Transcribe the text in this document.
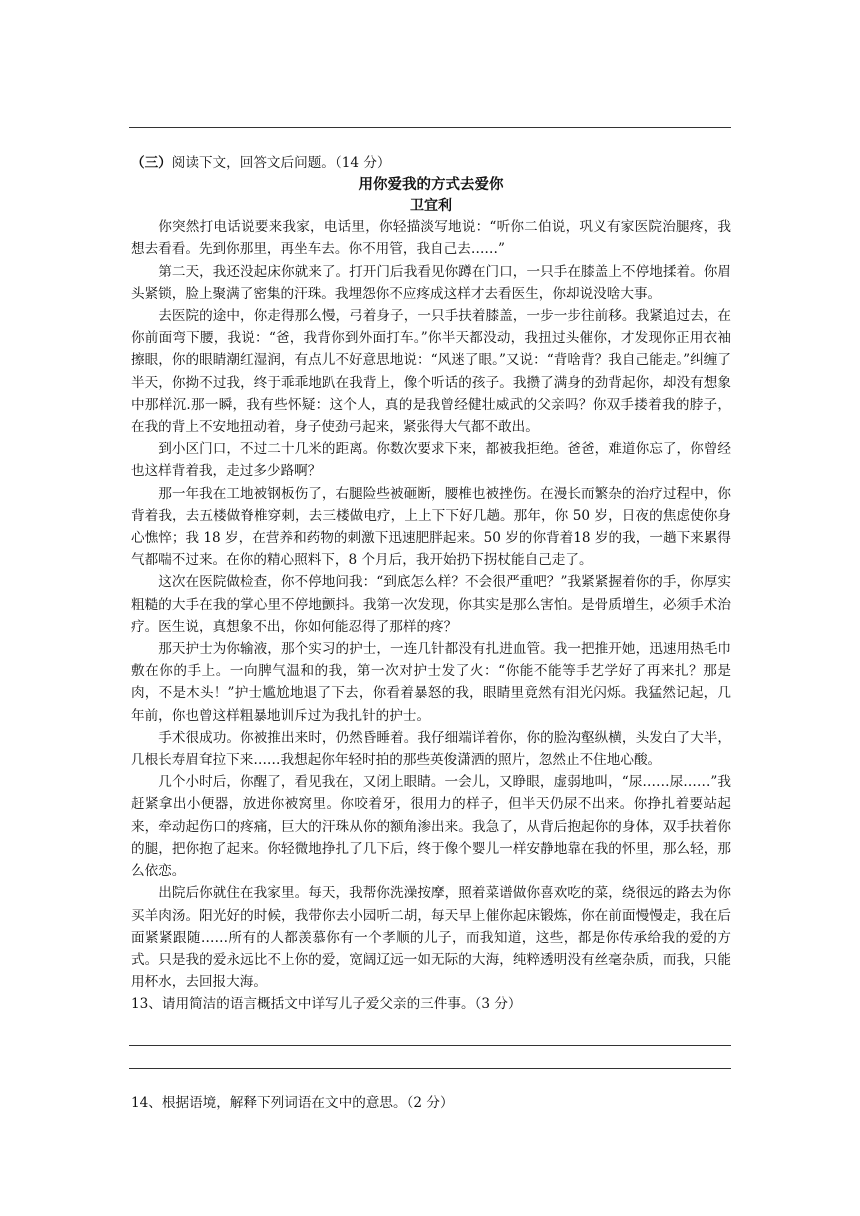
（三）阅读下文，回答文后问题。（14 分）

用你爱我的方式去爱你

卫宜利

你突然打电话说要来我家，电话里，你轻描淡写地说：“听你二伯说，巩义有家医院治腿疼，我想去看看。先到你那里，再坐车去。你不用管，我自己去……”

第二天，我还没起床你就来了。打开门后我看见你蹲在门口，一只手在膝盖上不停地揉着。你眉头紧锁，脸上聚满了密集的汗珠。我埋怨你不应疼成这样才去看医生，你却说没啥大事。

去医院的途中，你走得那么慢，弓着身子，一只手扶着膝盖，一步一步往前移。我紧追过去，在你前面弯下腰，我说：“爸，我背你到外面打车。”你半天都没动，我扭过头催你，才发现你正用衣袖擦眼，你的眼睛潮红湿润，有点儿不好意思地说：“风迷了眼。”又说：“背啥背？我自己能走。”纠缠了半天，你拗不过我，终于乖乖地趴在我背上，像个听话的孩子。我攒了满身的劲背起你，却没有想象中那样沉.那一瞬，我有些怀疑：这个人，真的是我曾经健壮威武的父亲吗？你双手搂着我的脖子，在我的背上不安地扭动着，身子使劲弓起来，紧张得大气都不敢出。

到小区门口，不过二十几米的距离。你数次要求下来，都被我拒绝。爸爸，难道你忘了，你曾经也这样背着我，走过多少路啊？

那一年我在工地被钢板伤了，右腿险些被砸断，腰椎也被挫伤。在漫长而繁杂的治疗过程中，你背着我，去五楼做脊椎穿刺，去三楼做电疗，上上下下好几趟。那年，你 50 岁，日夜的焦虑使你身心憔悴；我 18 岁，在营养和药物的刺激下迅速肥胖起来。50 岁的你背着18 岁的我，一趟下来累得气都喘不过来。在你的精心照料下，8 个月后，我开始扔下拐杖能自己走了。

这次在医院做检查，你不停地问我：“到底怎么样？不会很严重吧？”我紧紧握着你的手，你厚实粗糙的大手在我的掌心里不停地颤抖。我第一次发现，你其实是那么害怕。是骨质增生，必须手术治疗。医生说，真想象不出，你如何能忍得了那样的疼？

那天护士为你输液，那个实习的护士，一连几针都没有扎进血管。我一把推开她，迅速用热毛巾敷在你的手上。一向脾气温和的我，第一次对护士发了火：“你能不能等手艺学好了再来扎？那是肉，不是木头！”护士尴尬地退了下去，你看着暴怒的我，眼睛里竟然有泪光闪烁。我猛然记起，几年前，你也曾这样粗暴地训斥过为我扎针的护士。

手术很成功。你被推出来时，仍然昏睡着。我仔细端详着你，你的脸沟壑纵横，头发白了大半，几根长寿眉耷拉下来……我想起你年轻时拍的那些英俊潇洒的照片，忽然止不住地心酸。

几个小时后，你醒了，看见我在，又闭上眼睛。一会儿，又睁眼，虚弱地叫，“尿……尿……”我赶紧拿出小便器，放进你被窝里。你咬着牙，很用力的样子，但半天仍尿不出来。你挣扎着要站起来，牵动起伤口的疼痛，巨大的汗珠从你的额角渗出来。我急了，从背后抱起你的身体，双手扶着你的腿，把你抱了起来。你轻微地挣扎了几下后，终于像个婴儿一样安静地靠在我的怀里，那么轻，那么依恋。

出院后你就住在我家里。每天，我帮你洗澡按摩，照着菜谱做你喜欢吃的菜，绕很远的路去为你买羊肉汤。阳光好的时候，我带你去小园听二胡，每天早上催你起床锻炼，你在前面慢慢走，我在后面紧紧跟随……所有的人都羡慕你有一个孝顺的儿子，而我知道，这些，都是你传承给我的爱的方式。只是我的爱永远比不上你的爱，宽阔辽远一如无际的大海，纯粹透明没有丝毫杂质，而我，只能用杯水，去回报大海。

13、请用简洁的语言概括文中详写儿子爱父亲的三件事。（3 分）

14、根据语境，解释下列词语在文中的意思。（2 分）
